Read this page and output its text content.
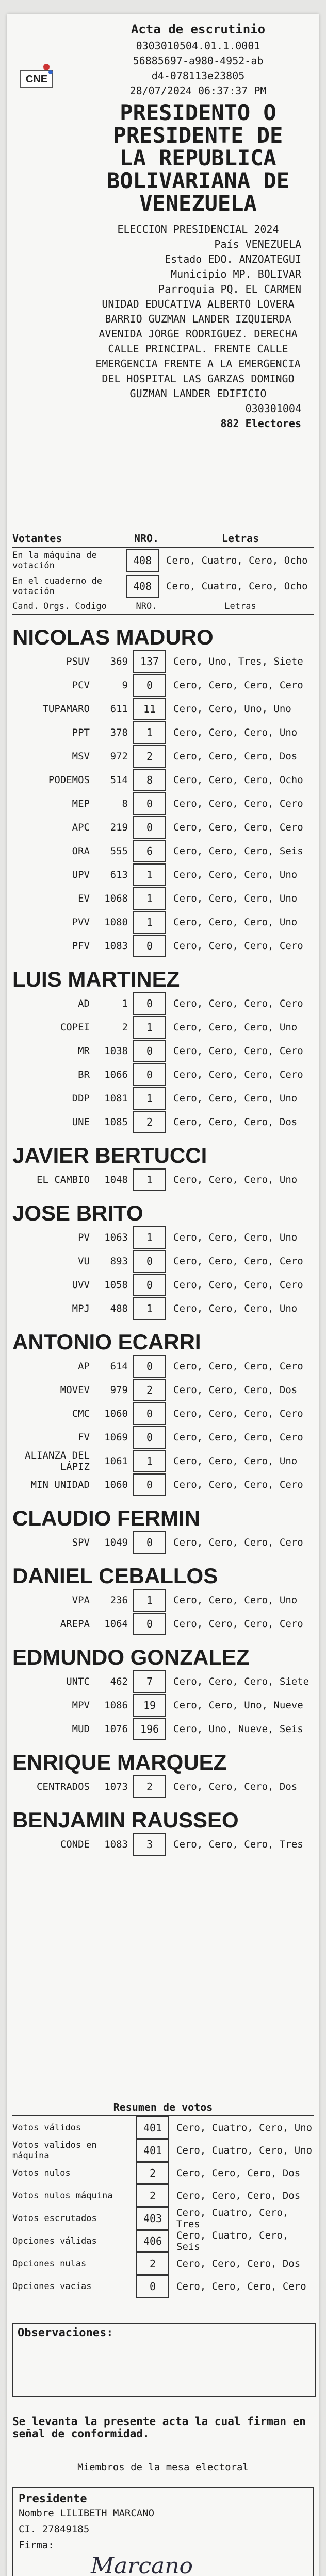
CNE
Acta de escrutinio
0303010504.01.1.0001
56885697-a980-4952-abd4-078113e23805
28/07/2024 06:37:37 PM
PRESIDENTO O PRESIDENTE DE LA REPUBLICA BOLIVARIANA DE VENEZUELA
ELECCION PRESIDENCIAL 2024
País VENEZUELA
Estado EDO. ANZOATEGUI
Municipio MP. BOLIVAR
Parroquia PQ. EL CARMEN
UNIDAD EDUCATIVA ALBERTO LOVERA
BARRIO GUZMAN LANDER IZQUIERDA AVENIDA JORGE RODRIGUEZ. DERECHA CALLE PRINCIPAL. FRENTE CALLE EMERGENCIA FRENTE A LA EMERGENCIA DEL HOSPITAL LAS GARZAS DOMINGO GUZMAN LANDER EDIFICIO
030301004
882 Electores
Votantes	NRO.	Letras
En la máquina de votación	408	Cero, Cuatro, Cero, Ocho
En el cuaderno de votación	408	Cero, Cuatro, Cero, Ocho
Cand. Orgs. Codigo	NRO.	Letras
NICOLAS MADURO
PSUV	369	137	Cero, Uno, Tres, Siete
PCV	9	0	Cero, Cero, Cero, Cero
TUPAMARO	611	11	Cero, Cero, Uno, Uno
PPT	378	1	Cero, Cero, Cero, Uno
MSV	972	2	Cero, Cero, Cero, Dos
PODEMOS	514	8	Cero, Cero, Cero, Ocho
MEP	8	0	Cero, Cero, Cero, Cero
APC	219	0	Cero, Cero, Cero, Cero
ORA	555	6	Cero, Cero, Cero, Seis
UPV	613	1	Cero, Cero, Cero, Uno
EV	1068	1	Cero, Cero, Cero, Uno
PVV	1080	1	Cero, Cero, Cero, Uno
PFV	1083	0	Cero, Cero, Cero, Cero
LUIS MARTINEZ
AD	1	0	Cero, Cero, Cero, Cero
COPEI	2	1	Cero, Cero, Cero, Uno
MR	1038	0	Cero, Cero, Cero, Cero
BR	1066	0	Cero, Cero, Cero, Cero
DDP	1081	1	Cero, Cero, Cero, Uno
UNE	1085	2	Cero, Cero, Cero, Dos
JAVIER BERTUCCI
EL CAMBIO	1048	1	Cero, Cero, Cero, Uno
JOSE BRITO
PV	1063	1	Cero, Cero, Cero, Uno
VU	893	0	Cero, Cero, Cero, Cero
UVV	1058	0	Cero, Cero, Cero, Cero
MPJ	488	1	Cero, Cero, Cero, Uno
ANTONIO ECARRI
AP	614	0	Cero, Cero, Cero, Cero
MOVEV	979	2	Cero, Cero, Cero, Dos
CMC	1060	0	Cero, Cero, Cero, Cero
FV	1069	0	Cero, Cero, Cero, Cero
ALIANZA DEL LÁPIZ	1061	1	Cero, Cero, Cero, Uno
MIN UNIDAD	1060	0	Cero, Cero, Cero, Cero
CLAUDIO FERMIN
SPV	1049	0	Cero, Cero, Cero, Cero
DANIEL CEBALLOS
VPA	236	1	Cero, Cero, Cero, Uno
AREPA	1064	0	Cero, Cero, Cero, Cero
EDMUNDO GONZALEZ
UNTC	462	7	Cero, Cero, Cero, Siete
MPV	1086	19	Cero, Cero, Uno, Nueve
MUD	1076	196	Cero, Uno, Nueve, Seis
ENRIQUE MARQUEZ
CENTRADOS	1073	2	Cero, Cero, Cero, Dos
BENJAMIN RAUSSEO
CONDE	1083	3	Cero, Cero, Cero, Tres
Resumen de votos
Votos válidos	401	Cero, Cuatro, Cero, Uno
Votos validos en máquina	401	Cero, Cuatro, Cero, Uno
Votos nulos	2	Cero, Cero, Cero, Dos
Votos nulos máquina	2	Cero, Cero, Cero, Dos
Votos escrutados	403	Cero, Cuatro, Cero, Tres
Opciones válidas	406	Cero, Cuatro, Cero, Seis
Opciones nulas	2	Cero, Cero, Cero, Dos
Opciones vacías	0	Cero, Cero, Cero, Cero
Observaciones:
Se levanta la presente acta la cual firman en señal de conformidad.
Miembros de la mesa electoral
Presidente
Nombre LILIBETH MARCANO
CI. 27849185
Firma:
Marcano
